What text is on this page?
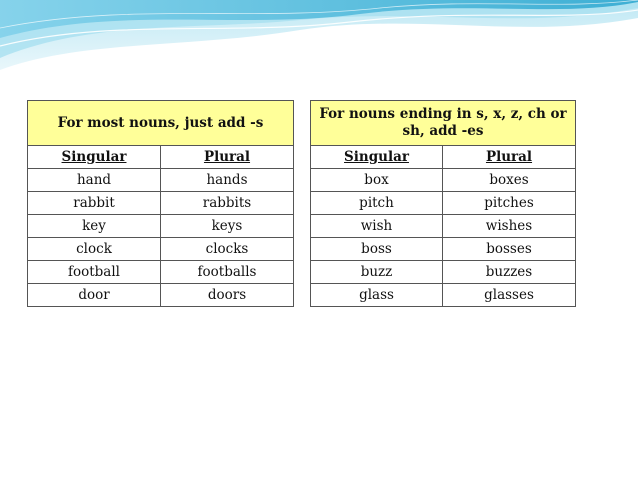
For most nouns, just add -s	
Singular	Plural
hand	hands
rabbit	rabbits
key	keys
clock	clocks
football	footballs
door	doors
For nouns ending in s, x, z, ch or sh, add -es	
Singular	Plural
box	boxes
pitch	pitches
wish	wishes
boss	bosses
buzz	buzzes
glass	glasses
